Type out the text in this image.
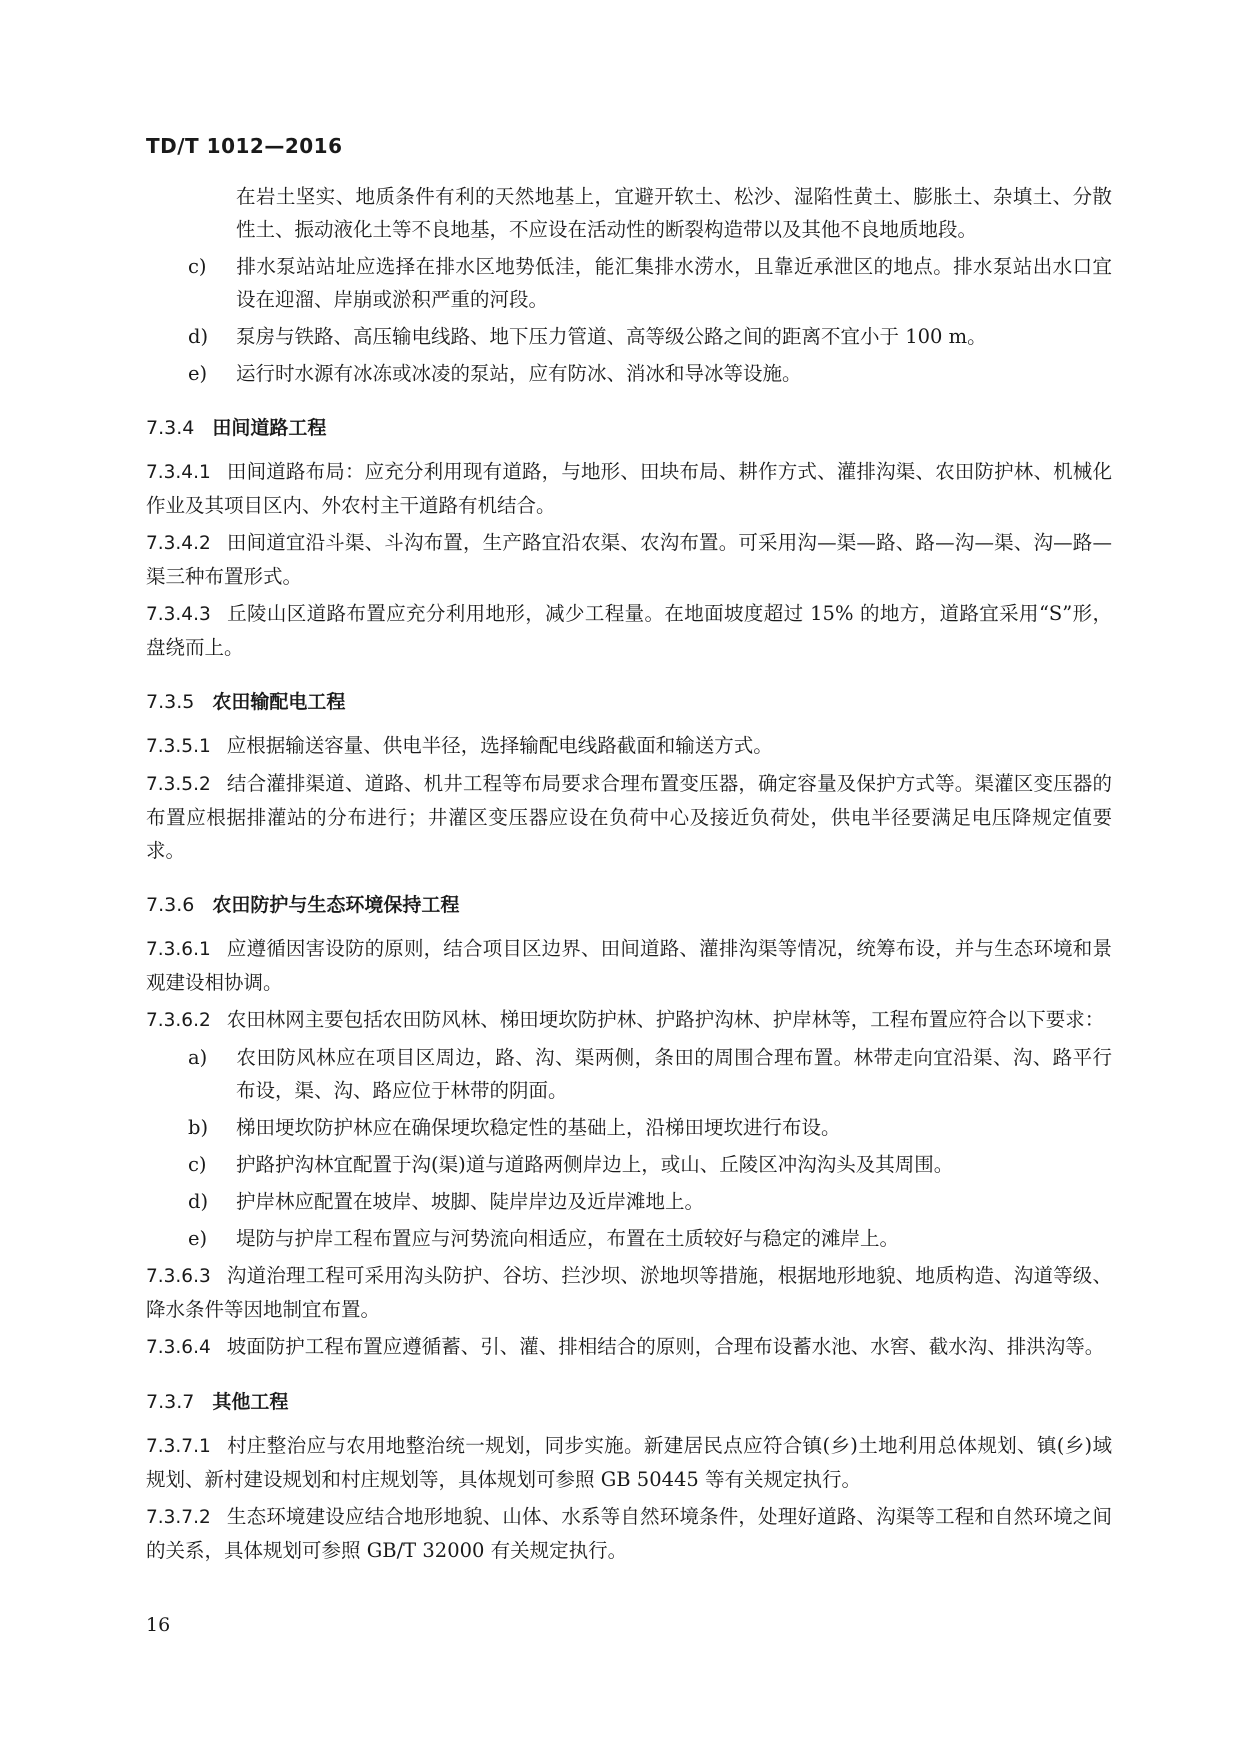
TD/T 1012—2016
在岩土坚实、地质条件有利的天然地基上，宜避开软土、松沙、湿陷性黄土、膨胀土、杂填土、分散性土、振动液化土等不良地基，不应设在活动性的断裂构造带以及其他不良地质地段。
c) 排水泵站站址应选择在排水区地势低洼，能汇集排水涝水，且靠近承泄区的地点。排水泵站出水口宜设在迎溜、岸崩或淤积严重的河段。
d) 泵房与铁路、高压输电线路、地下压力管道、高等级公路之间的距离不宜小于 100 m。
e) 运行时水源有冰冻或冰凌的泵站，应有防冰、消冰和导冰等设施。
7.3.4 田间道路工程
7.3.4.1 田间道路布局：应充分利用现有道路，与地形、田块布局、耕作方式、灌排沟渠、农田防护林、机械化作业及其项目区内、外农村主干道路有机结合。
7.3.4.2 田间道宜沿斗渠、斗沟布置，生产路宜沿农渠、农沟布置。可采用沟—渠—路、路—沟—渠、沟—路—渠三种布置形式。
7.3.4.3 丘陵山区道路布置应充分利用地形，减少工程量。在地面坡度超过 15% 的地方，道路宜采用“S”形，盘绕而上。
7.3.5 农田输配电工程
7.3.5.1 应根据输送容量、供电半径，选择输配电线路截面和输送方式。
7.3.5.2 结合灌排渠道、道路、机井工程等布局要求合理布置变压器，确定容量及保护方式等。渠灌区变压器的布置应根据排灌站的分布进行；井灌区变压器应设在负荷中心及接近负荷处，供电半径要满足电压降规定值要求。
7.3.6 农田防护与生态环境保持工程
7.3.6.1 应遵循因害设防的原则，结合项目区边界、田间道路、灌排沟渠等情况，统筹布设，并与生态环境和景观建设相协调。
7.3.6.2 农田林网主要包括农田防风林、梯田埂坎防护林、护路护沟林、护岸林等，工程布置应符合以下要求：
a) 农田防风林应在项目区周边，路、沟、渠两侧，条田的周围合理布置。林带走向宜沿渠、沟、路平行布设，渠、沟、路应位于林带的阴面。
b) 梯田埂坎防护林应在确保埂坎稳定性的基础上，沿梯田埂坎进行布设。
c) 护路护沟林宜配置于沟(渠)道与道路两侧岸边上，或山、丘陵区冲沟沟头及其周围。
d) 护岸林应配置在坡岸、坡脚、陡岸岸边及近岸滩地上。
e) 堤防与护岸工程布置应与河势流向相适应，布置在土质较好与稳定的滩岸上。
7.3.6.3 沟道治理工程可采用沟头防护、谷坊、拦沙坝、淤地坝等措施，根据地形地貌、地质构造、沟道等级、降水条件等因地制宜布置。
7.3.6.4 坡面防护工程布置应遵循蓄、引、灌、排相结合的原则，合理布设蓄水池、水窖、截水沟、排洪沟等。
7.3.7 其他工程
7.3.7.1 村庄整治应与农用地整治统一规划，同步实施。新建居民点应符合镇(乡)土地利用总体规划、镇(乡)域规划、新村建设规划和村庄规划等，具体规划可参照 GB 50445 等有关规定执行。
7.3.7.2 生态环境建设应结合地形地貌、山体、水系等自然环境条件，处理好道路、沟渠等工程和自然环境之间的关系，具体规划可参照 GB/T 32000 有关规定执行。
16
